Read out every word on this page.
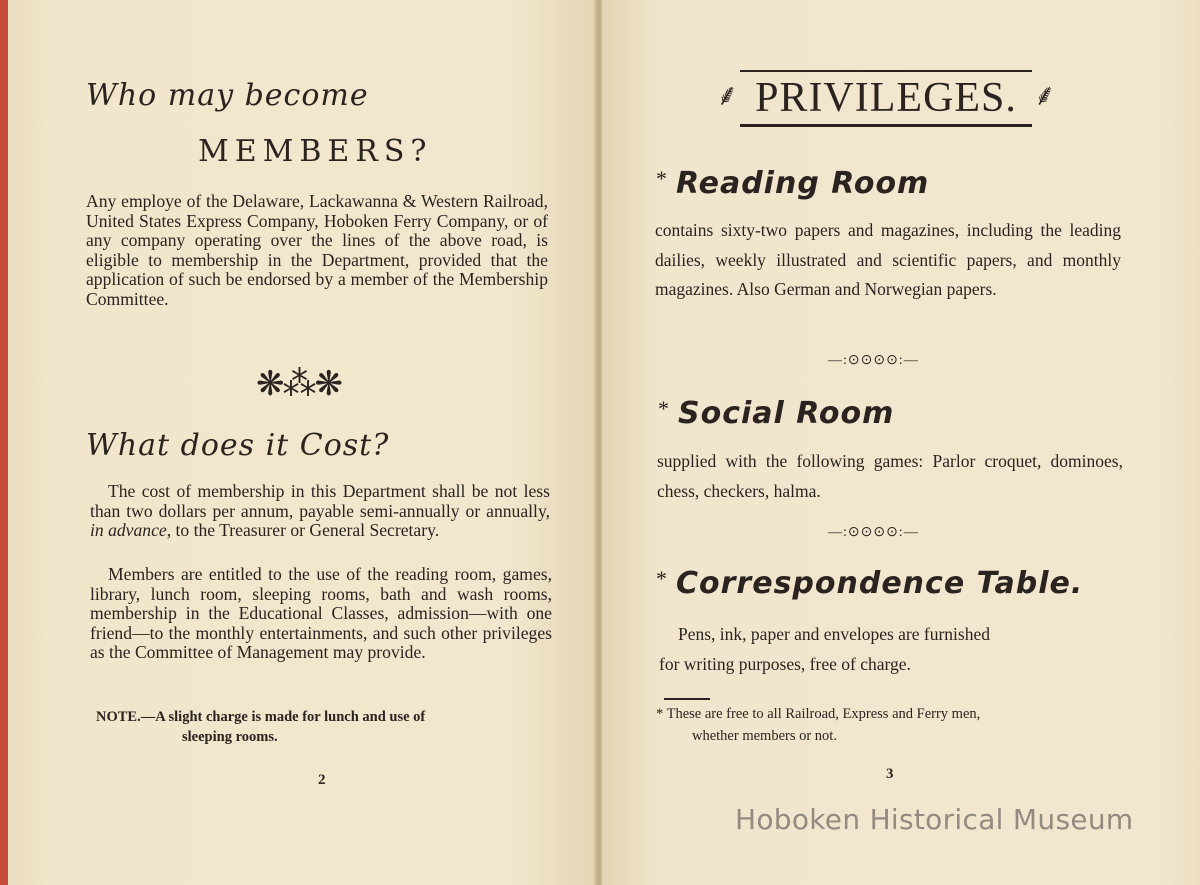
Who may become
MEMBERS?
Any employe of the Delaware, Lackawanna & Western Railroad, United States Express Company, Hoboken Ferry Company, or of any company operating over the lines of the above road, is eligible to membership in the Department, provided that the application of such be endorsed by a member of the Membership Committee.
❋⁂❋
What does it Cost?
The cost of membership in this Department shall be not less than two dollars per annum, payable semi-annually or annually, in advance, to the Treasurer or General Secretary.
Members are entitled to the use of the reading room, games, library, lunch room, sleeping rooms, bath and wash rooms, membership in the Educational Classes, admission—with one friend—to the monthly entertainments, and such other privileges as the Committee of Management may provide.
NOTE.—A slight charge is made for lunch and use of
sleeping rooms.
2
⸙ PRIVILEGES. ⸙
* Reading Room
contains sixty-two papers and magazines, including the leading dailies, weekly illustrated and scientific papers, and monthly magazines. Also German and Norwegian papers.
—:⊙⊙⊙⊙:—
* Social Room
supplied with the following games: Parlor croquet, dominoes, chess, checkers, halma.
—:⊙⊙⊙⊙:—
* Correspondence Table.
Pens, ink, paper and envelopes are furnished
for writing purposes, free of charge.
* These are free to all Railroad, Express and Ferry men,
whether members or not.
3
Hoboken Historical Museum
